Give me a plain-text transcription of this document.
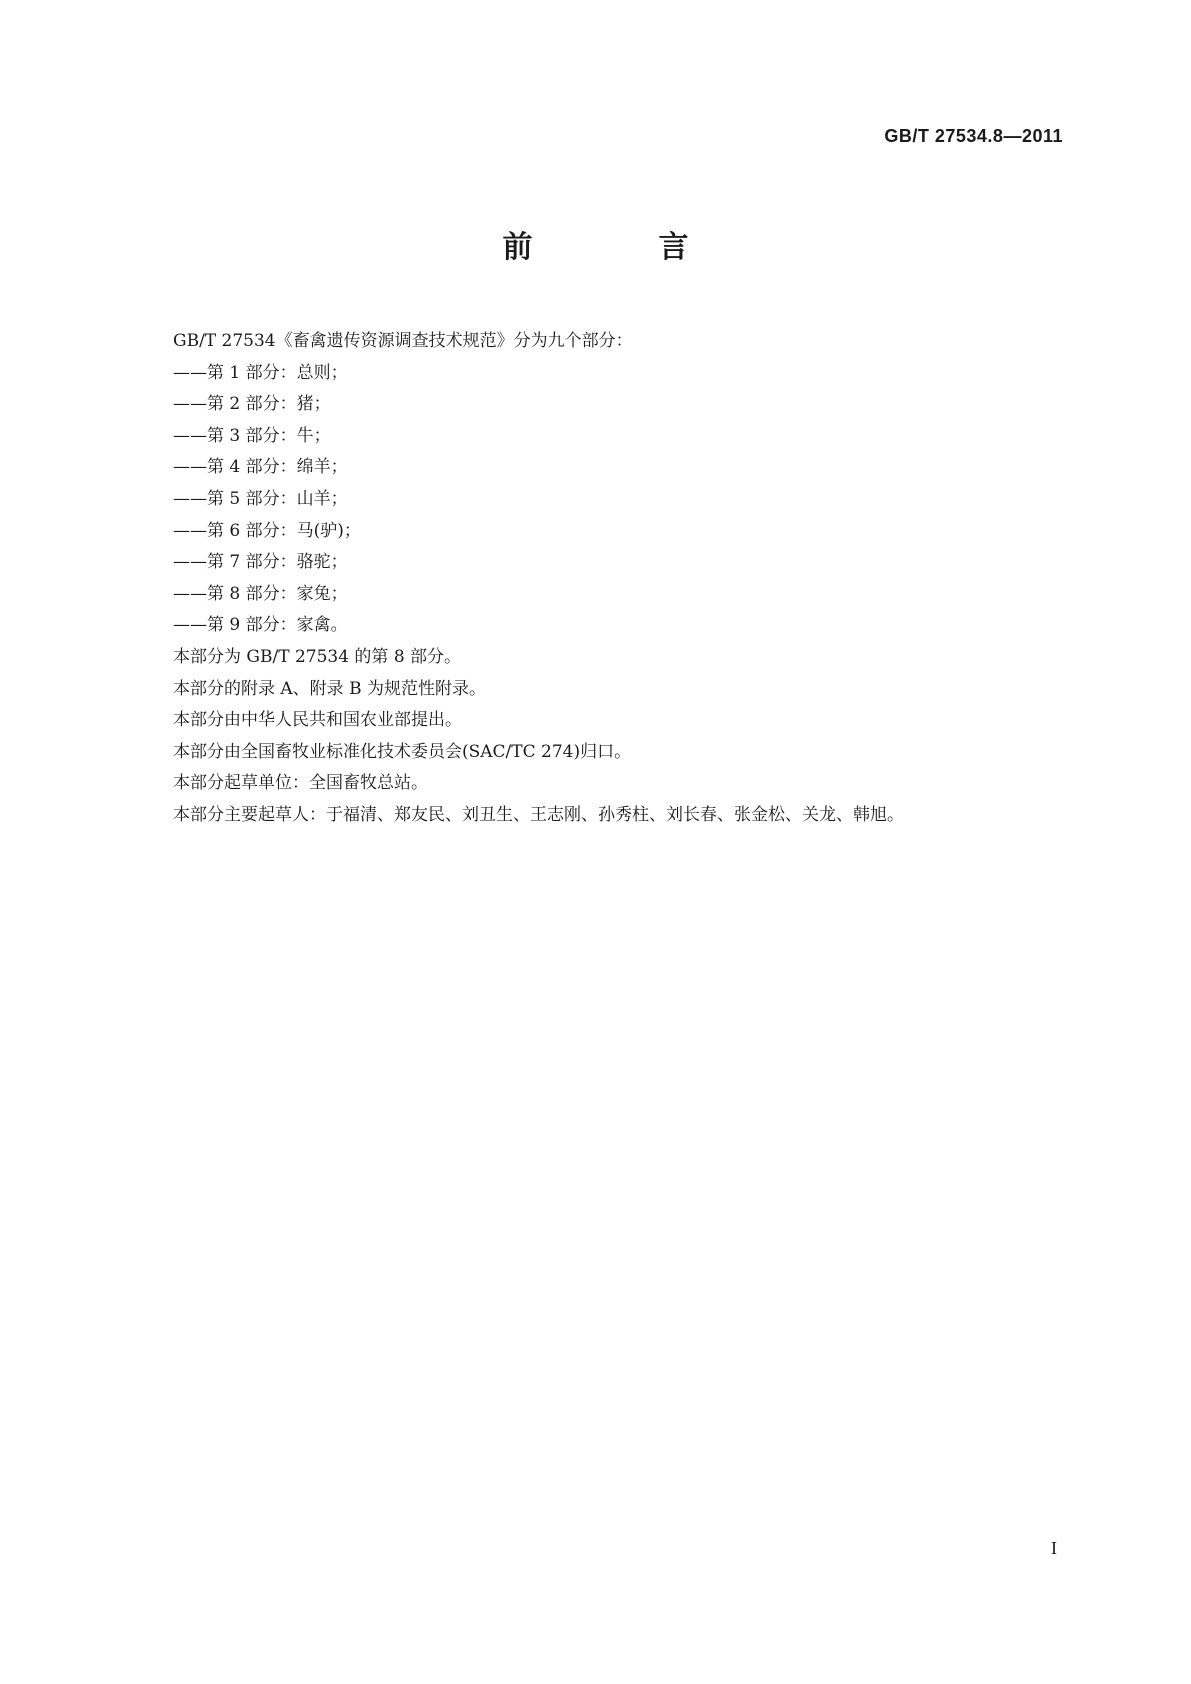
GB/T 27534.8—2011
前　言

GB/T 27534《畜禽遗传资源调查技术规范》分为九个部分：

——第 1 部分：总则；

——第 2 部分：猪；

——第 3 部分：牛；

——第 4 部分：绵羊；

——第 5 部分：山羊；

——第 6 部分：马(驴)；

——第 7 部分：骆驼；

——第 8 部分：家兔；

——第 9 部分：家禽。

本部分为 GB/T 27534 的第 8 部分。

本部分的附录 A、附录 B 为规范性附录。

本部分由中华人民共和国农业部提出。

本部分由全国畜牧业标准化技术委员会(SAC/TC 274)归口。

本部分起草单位：全国畜牧总站。

本部分主要起草人：于福清、郑友民、刘丑生、王志刚、孙秀柱、刘长春、张金松、关龙、韩旭。

I
